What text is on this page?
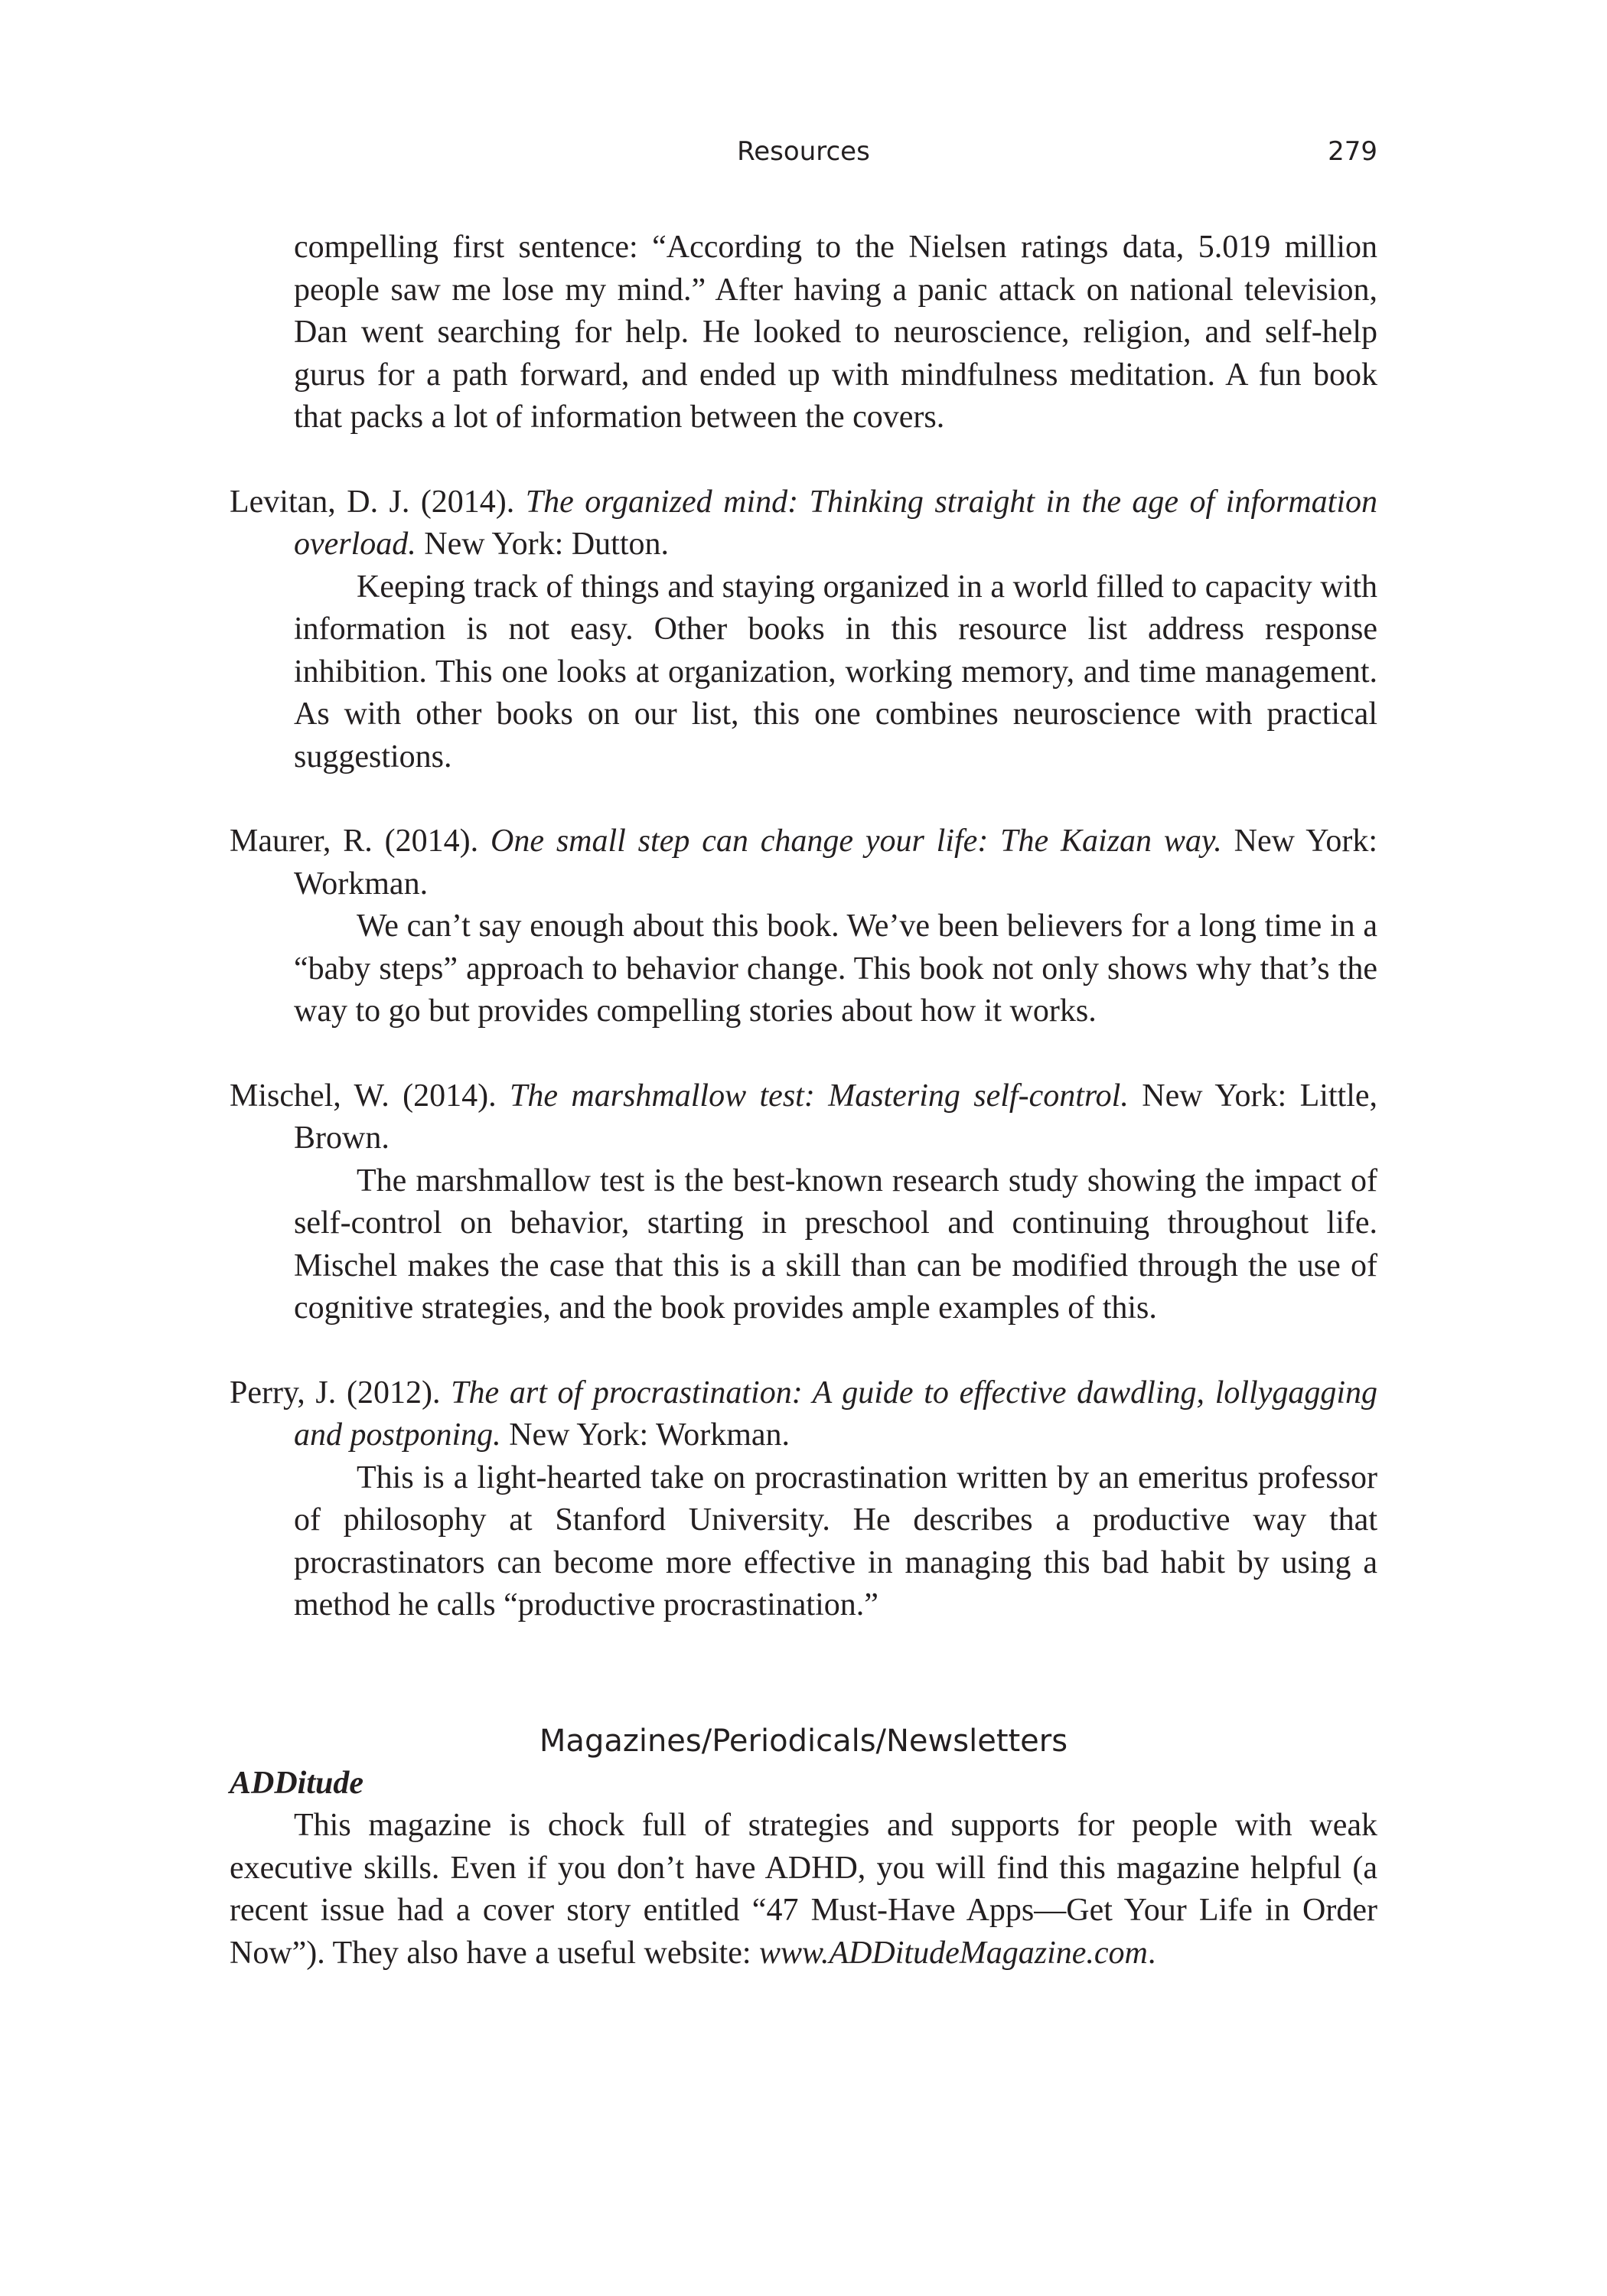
Resources	279

compelling first sentence: “According to the Nielsen ratings data, 5.019 million people saw me lose my mind.” After having a panic attack on national television, Dan went searching for help. He looked to neuroscience, religion, and self-help gurus for a path forward, and ended up with mindfulness meditation. A fun book that packs a lot of information between the covers.

Levitan, D. J. (2014). The organized mind: Thinking straight in the age of information overload. New York: Dutton.

Keeping track of things and staying organized in a world filled to capacity with information is not easy. Other books in this resource list address response inhibition. This one looks at organization, working memory, and time management. As with other books on our list, this one combines neuroscience with practical suggestions.

Maurer, R. (2014). One small step can change your life: The Kaizan way. New York: Workman.

We can’t say enough about this book. We’ve been believers for a long time in a “baby steps” approach to behavior change. This book not only shows why that’s the way to go but provides compelling stories about how it works.

Mischel, W. (2014). The marshmallow test: Mastering self-control. New York: Little, Brown.

The marshmallow test is the best-known research study showing the impact of self-control on behavior, starting in preschool and continuing throughout life. Mischel makes the case that this is a skill than can be modified through the use of cognitive strategies, and the book provides ample examples of this.

Perry, J. (2012). The art of procrastination: A guide to effective dawdling, lollygagging and postponing. New York: Workman.

This is a light-hearted take on procrastination written by an emeritus professor of philosophy at Stanford University. He describes a productive way that procrastinators can become more effective in managing this bad habit by using a method he calls “productive procrastination.”

Magazines/Periodicals/Newsletters

ADDitude

This magazine is chock full of strategies and supports for people with weak executive skills. Even if you don’t have ADHD, you will find this magazine helpful (a recent issue had a cover story entitled “47 Must-Have Apps—Get Your Life in Order Now”). They also have a useful website: www.ADDitudeMagazine.com.
